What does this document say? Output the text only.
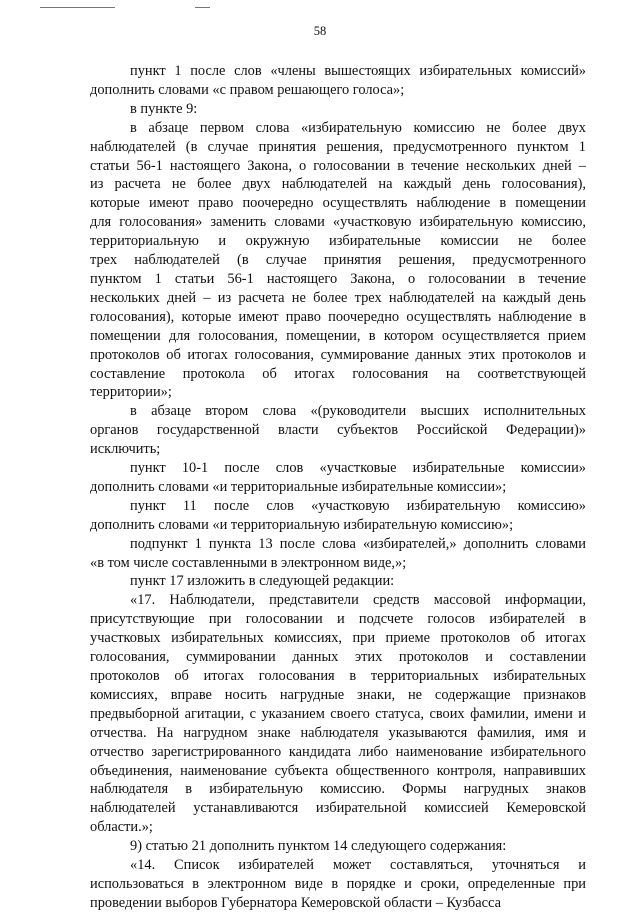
58
пункт 1 после слов «члены вышестоящих избирательных комиссий»
дополнить словами «с правом решающего голоса»;
в пункте 9:
в абзаце первом слова «избирательную комиссию не более двух
наблюдателей (в случае принятия решения, предусмотренного пунктом 1
статьи 56-1 настоящего Закона, о голосовании в течение нескольких дней –
из расчета не более двух наблюдателей на каждый день голосования),
которые имеют право поочередно осуществлять наблюдение в помещении
для голосования» заменить словами «участковую избирательную комиссию,
территориальную и окружную избирательные комиссии не более
трех наблюдателей (в случае принятия решения, предусмотренного
пунктом 1 статьи 56-1 настоящего Закона, о голосовании в течение
нескольких дней – из расчета не более трех наблюдателей на каждый день
голосования), которые имеют право поочередно осуществлять наблюдение в
помещении для голосования, помещении, в котором осуществляется прием
протоколов об итогах голосования, суммирование данных этих протоколов и
составление протокола об итогах голосования на соответствующей
территории»;
в абзаце втором слова «(руководители высших исполнительных
органов государственной власти субъектов Российской Федерации)»
исключить;
пункт 10-1 после слов «участковые избирательные комиссии»
дополнить словами «и территориальные избирательные комиссии»;
пункт 11 после слов «участковую избирательную комиссию»
дополнить словами «и территориальную избирательную комиссию»;
подпункт 1 пункта 13 после слова «избирателей,» дополнить словами
«в том числе составленными в электронном виде,»;
пункт 17 изложить в следующей редакции:
«17. Наблюдатели, представители средств массовой информации,
присутствующие при голосовании и подсчете голосов избирателей в
участковых избирательных комиссиях, при приеме протоколов об итогах
голосования, суммировании данных этих протоколов и составлении
протоколов об итогах голосования в территориальных избирательных
комиссиях, вправе носить нагрудные знаки, не содержащие признаков
предвыборной агитации, с указанием своего статуса, своих фамилии, имени и
отчества. На нагрудном знаке наблюдателя указываются фамилия, имя и
отчество зарегистрированного кандидата либо наименование избирательного
объединения, наименование субъекта общественного контроля, направивших
наблюдателя в избирательную комиссию. Формы нагрудных знаков
наблюдателей устанавливаются избирательной комиссией Кемеровской
области.»;
9) статью 21 дополнить пунктом 14 следующего содержания:
«14. Список избирателей может составляться, уточняться и
использоваться в электронном виде в порядке и сроки, определенные при
проведении выборов Губернатора Кемеровской области – Кузбасса
